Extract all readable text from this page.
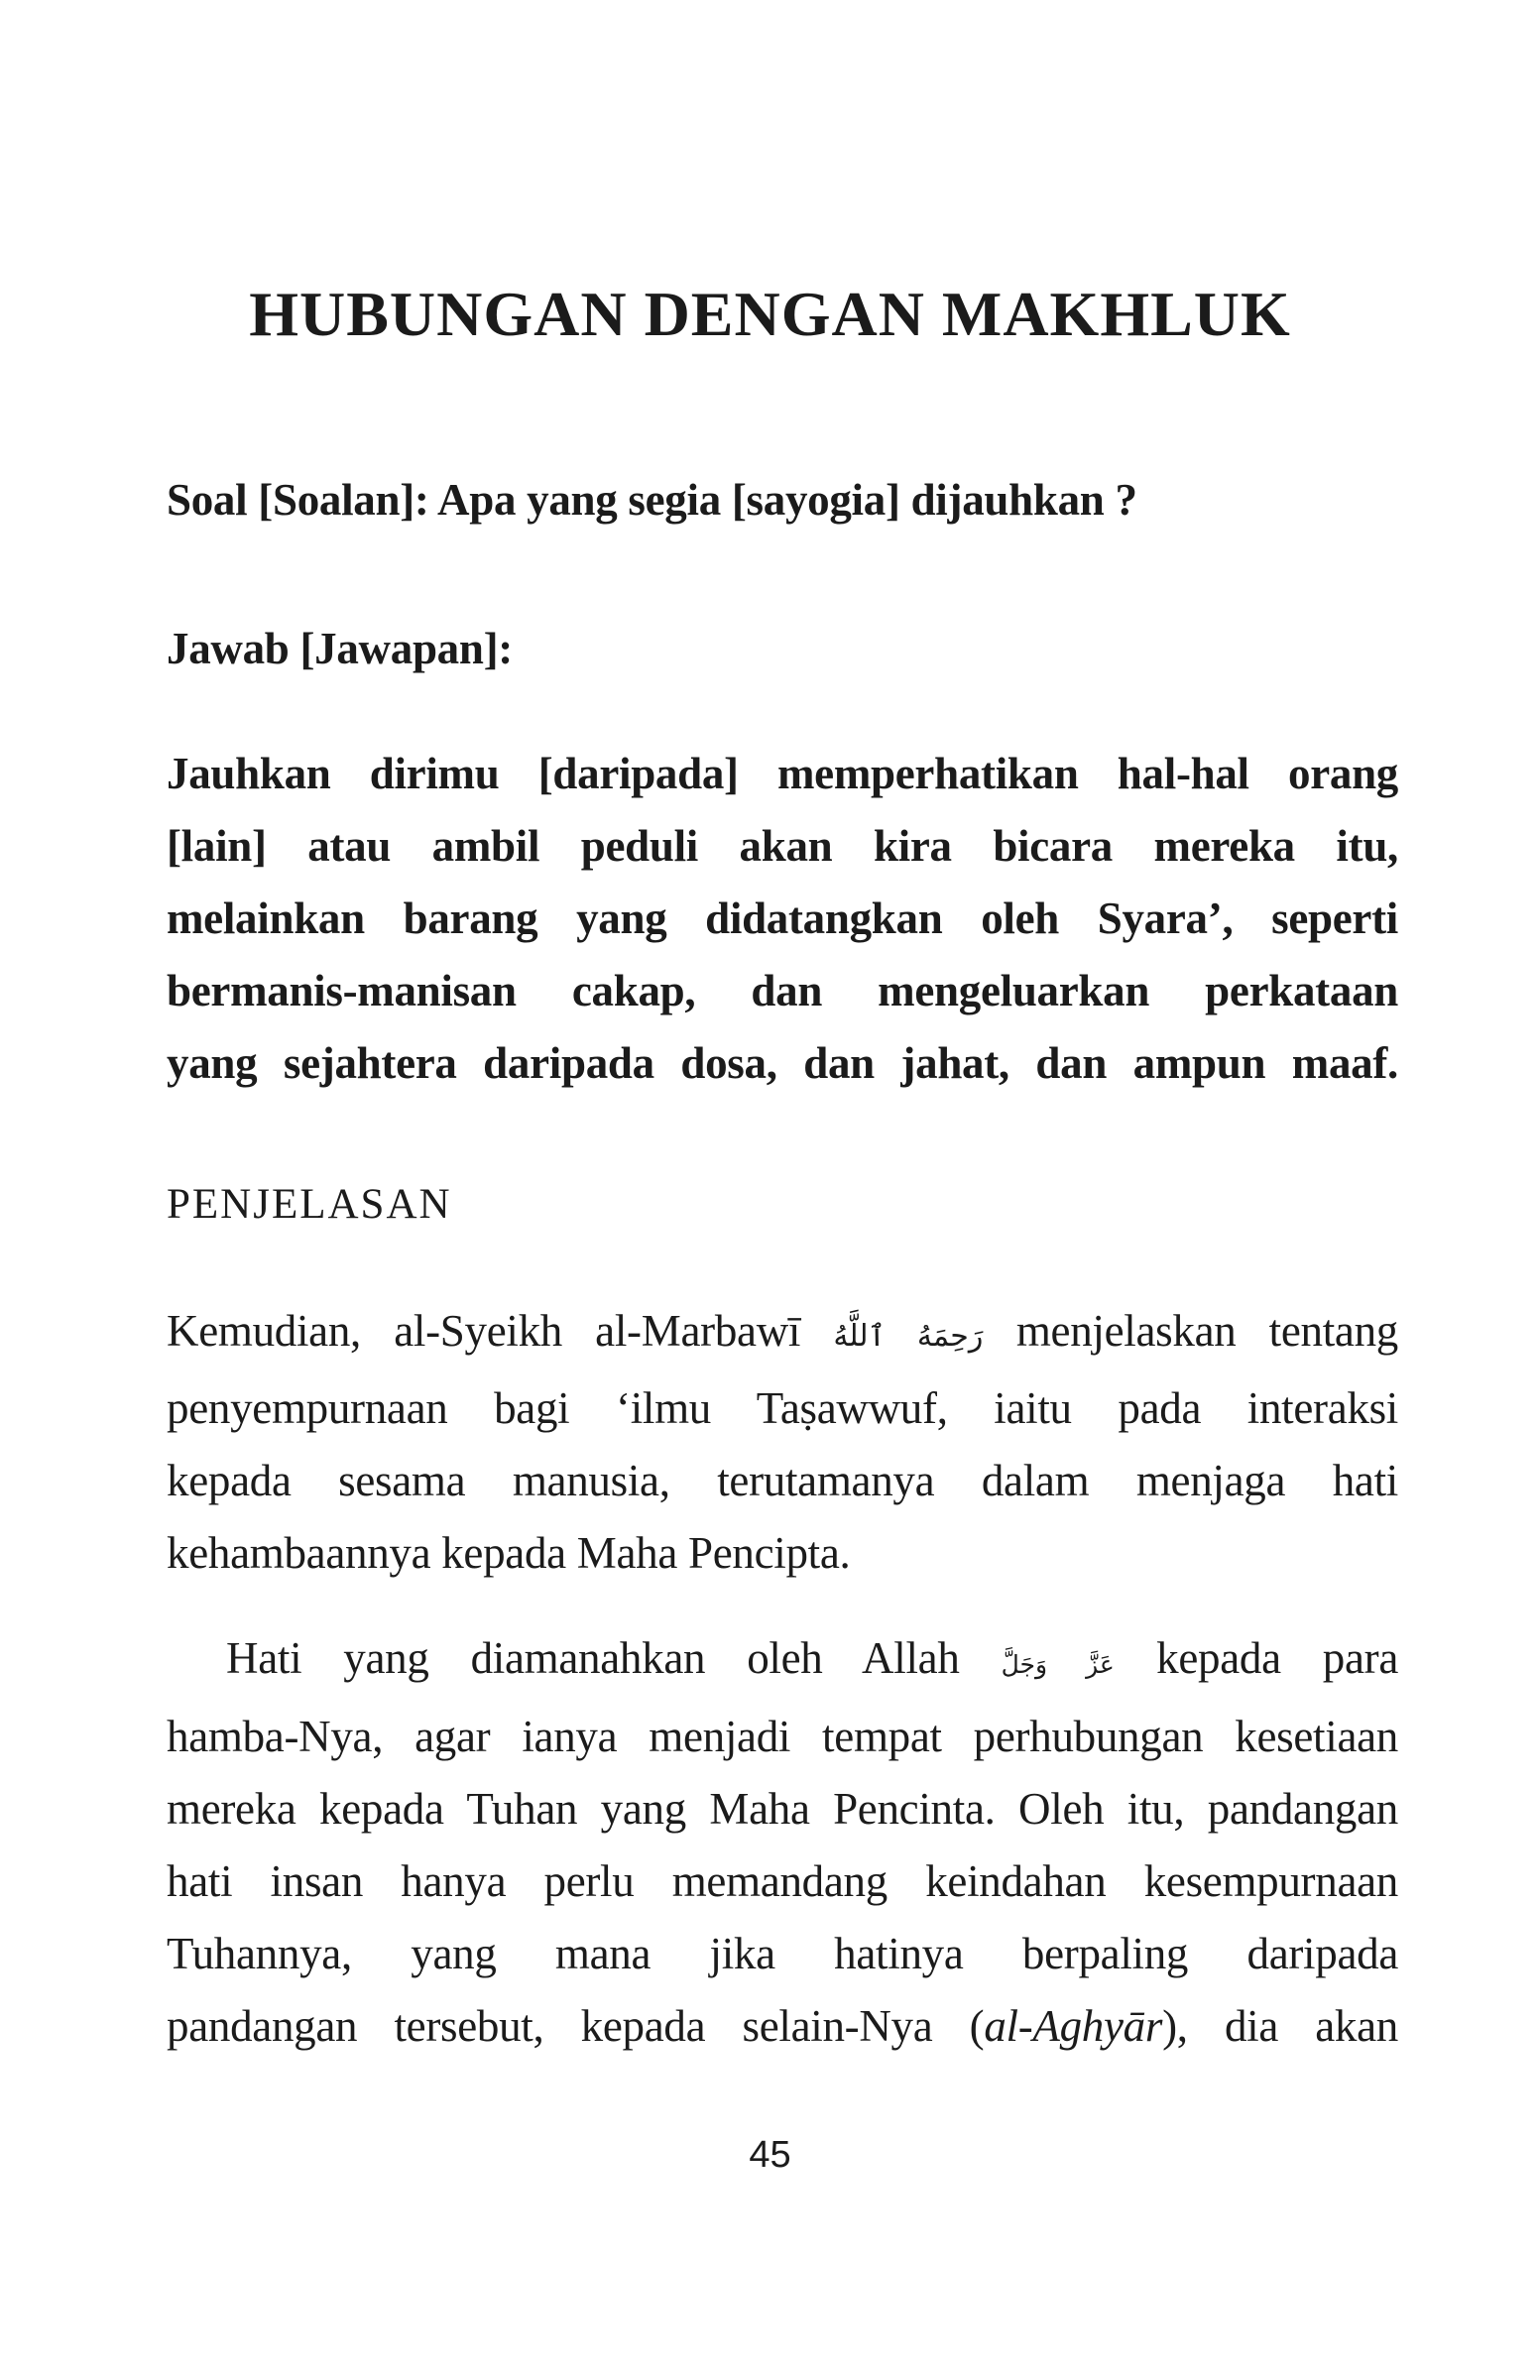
HUBUNGAN DENGAN MAKHLUK
Soal [Soalan]: Apa yang segia [sayogia] dijauhkan ?
Jawab [Jawapan]:
Jauhkan dirimu [daripada] memperhatikan hal-hal orang
[lain] atau ambil peduli akan kira bicara mereka itu,
melainkan barang yang didatangkan oleh Syara’, seperti
bermanis-manisan cakap, dan mengeluarkan perkataan
yang sejahtera daripada dosa, dan jahat, dan ampun maaf.
PENJELASAN
Kemudian, al-Syeikh al-Marbawī رَحِمَهُ ٱللَّهُ menjelaskan tentang
penyempurnaan bagi ‘ilmu Taṣawwuf, iaitu pada interaksi
kepada sesama manusia, terutamanya dalam menjaga hati
kehambaannya kepada Maha Pencipta.
Hati yang diamanahkan oleh Allah عَزَّ وَجَلَّ kepada para
hamba-Nya, agar ianya menjadi tempat perhubungan kesetiaan
mereka kepada Tuhan yang Maha Pencinta. Oleh itu, pandangan
hati insan hanya perlu memandang keindahan kesempurnaan
Tuhannya, yang mana jika hatinya berpaling daripada
pandangan tersebut, kepada selain-Nya (al-Aghyār), dia akan
45
